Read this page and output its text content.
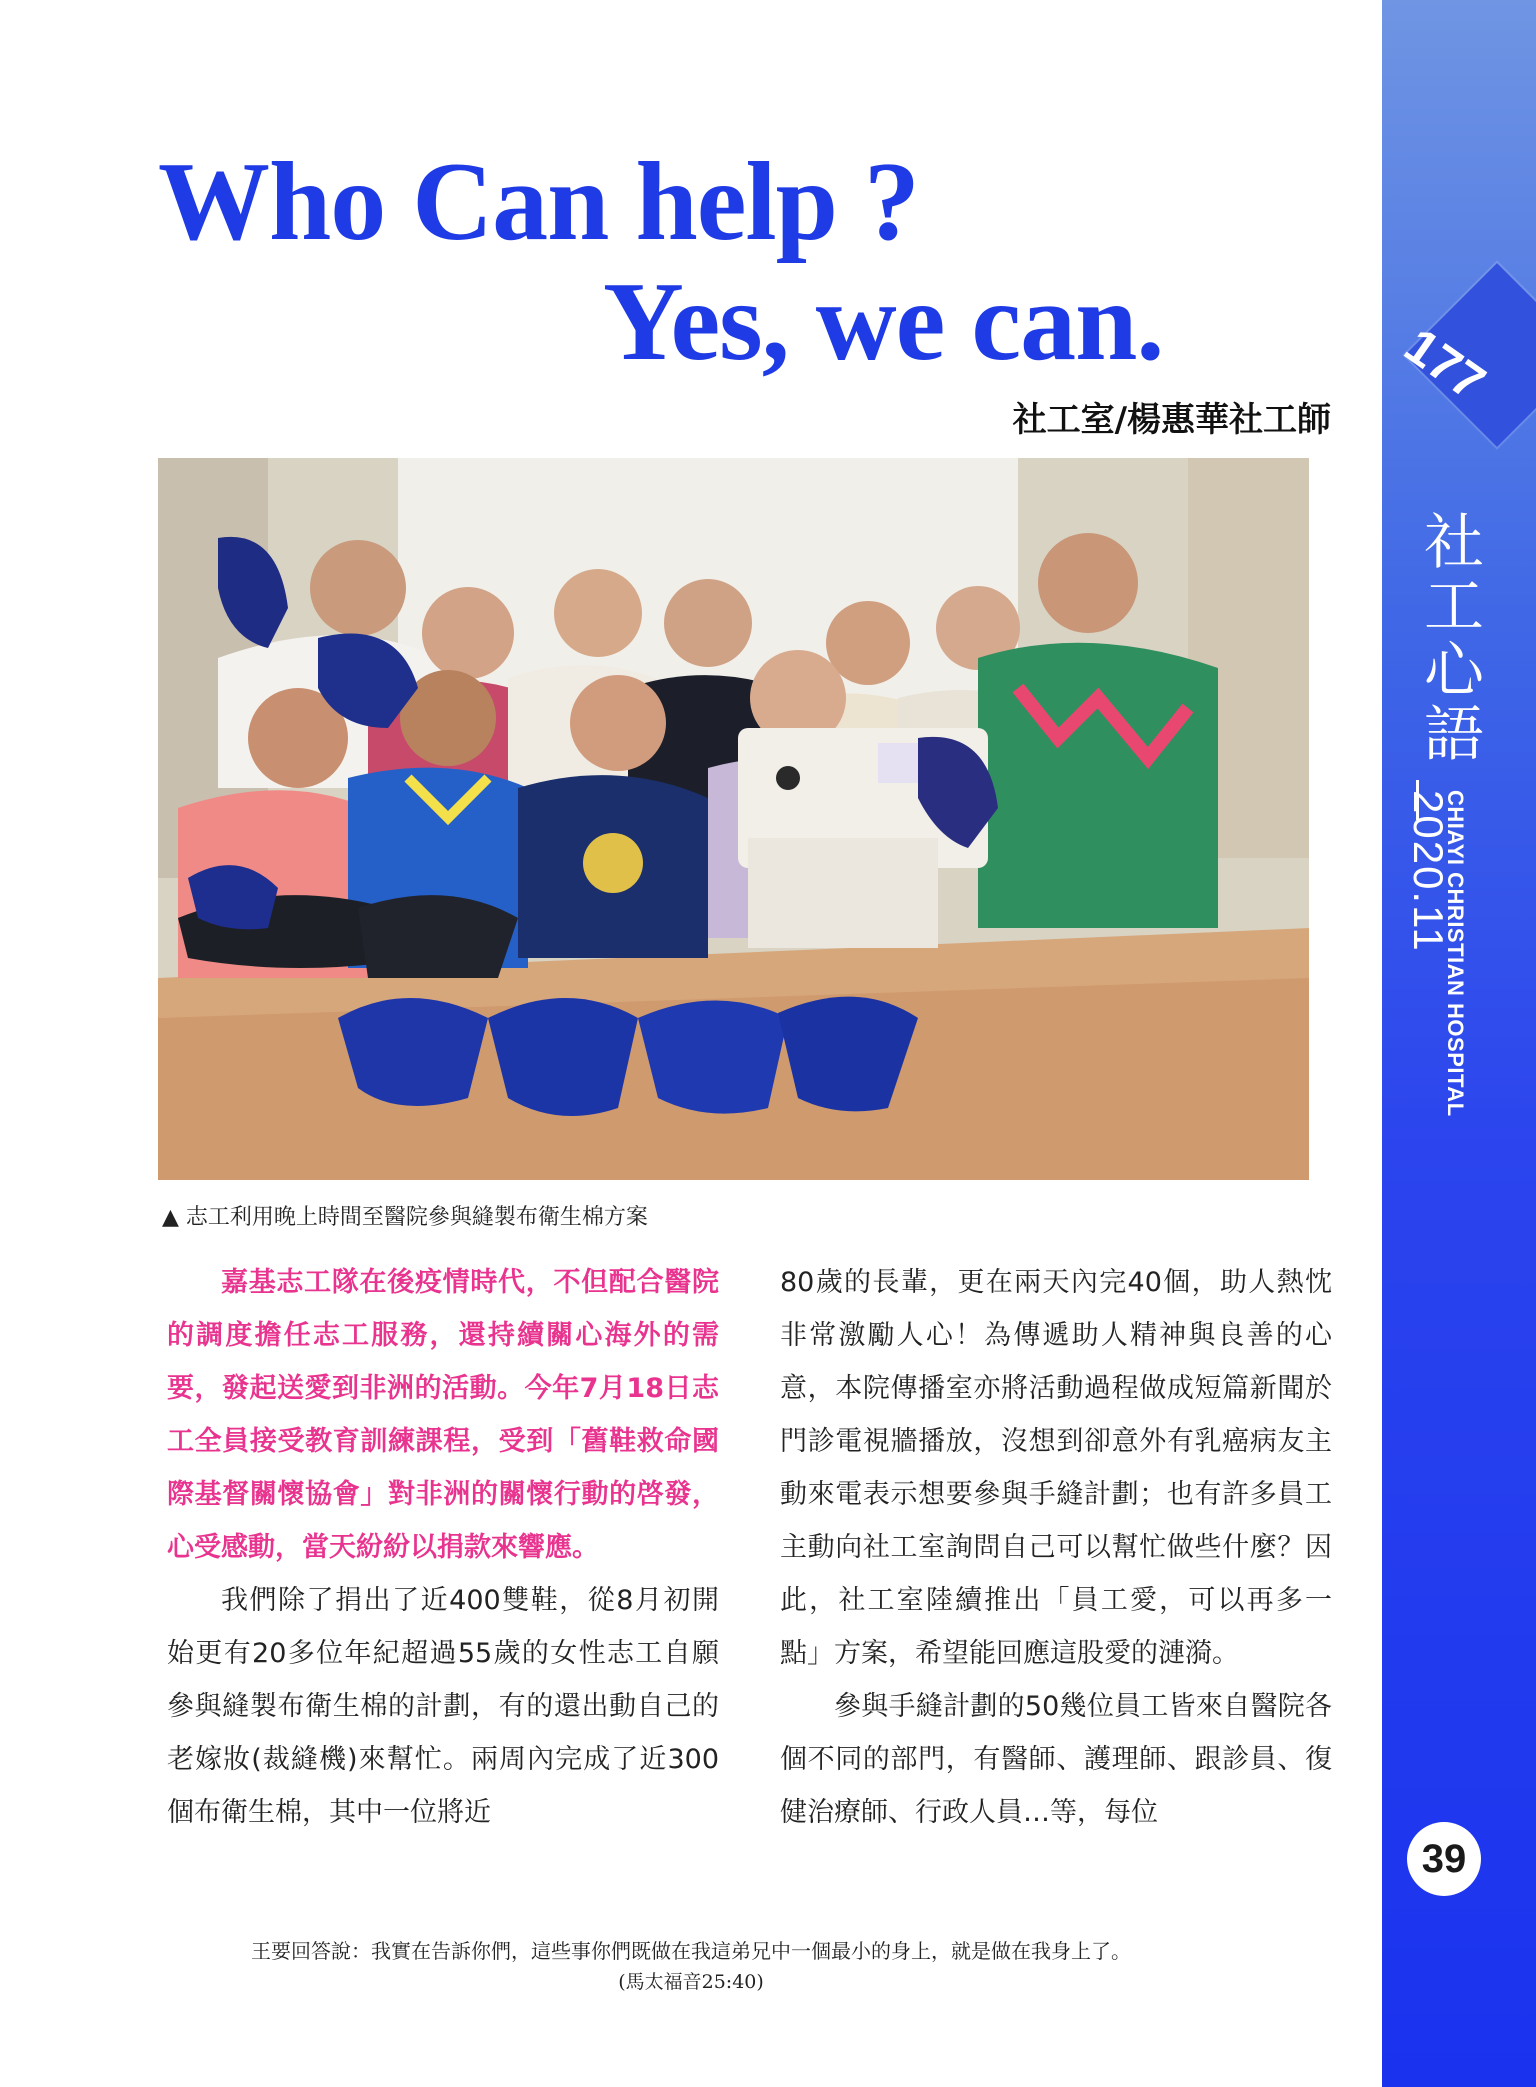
177
社工心語
2020.11
CHIAYI CHRISTIAN HOSPITAL
39
Who Can help ?
Yes, we can.
社工室/楊惠華社工師
▲ 志工利用晚上時間至醫院參與縫製布衛生棉方案

嘉基志工隊在後疫情時代，不但配合醫院的調度擔任志工服務，還持續關心海外的需要，發起送愛到非洲的活動。今年7月18日志工全員接受教育訓練課程，受到「舊鞋救命國際基督關懷協會」對非洲的關懷行動的啓發，心受感動，當天紛紛以捐款來響應。

我們除了捐出了近400雙鞋，從8月初開始更有20多位年紀超過55歲的女性志工自願參與縫製布衛生棉的計劃，有的還出動自己的老嫁妝(裁縫機)來幫忙。兩周內完成了近300個布衛生棉，其中一位將近

80歲的長輩，更在兩天內完40個，助人熱忱非常激勵人心！為傳遞助人精神與良善的心意，本院傳播室亦將活動過程做成短篇新聞於門診電視牆播放，沒想到卻意外有乳癌病友主動來電表示想要參與手縫計劃；也有許多員工主動向社工室詢問自己可以幫忙做些什麼？因此，社工室陸續推出「員工愛，可以再多一點」方案，希望能回應這股愛的漣漪。

參與手縫計劃的50幾位員工皆來自醫院各個不同的部門，有醫師、護理師、跟診員、復健治療師、行政人員…等，每位

王要回答說：我實在告訴你們，這些事你們既做在我這弟兄中一個最小的身上，就是做在我身上了。
(馬太福音25:40)
